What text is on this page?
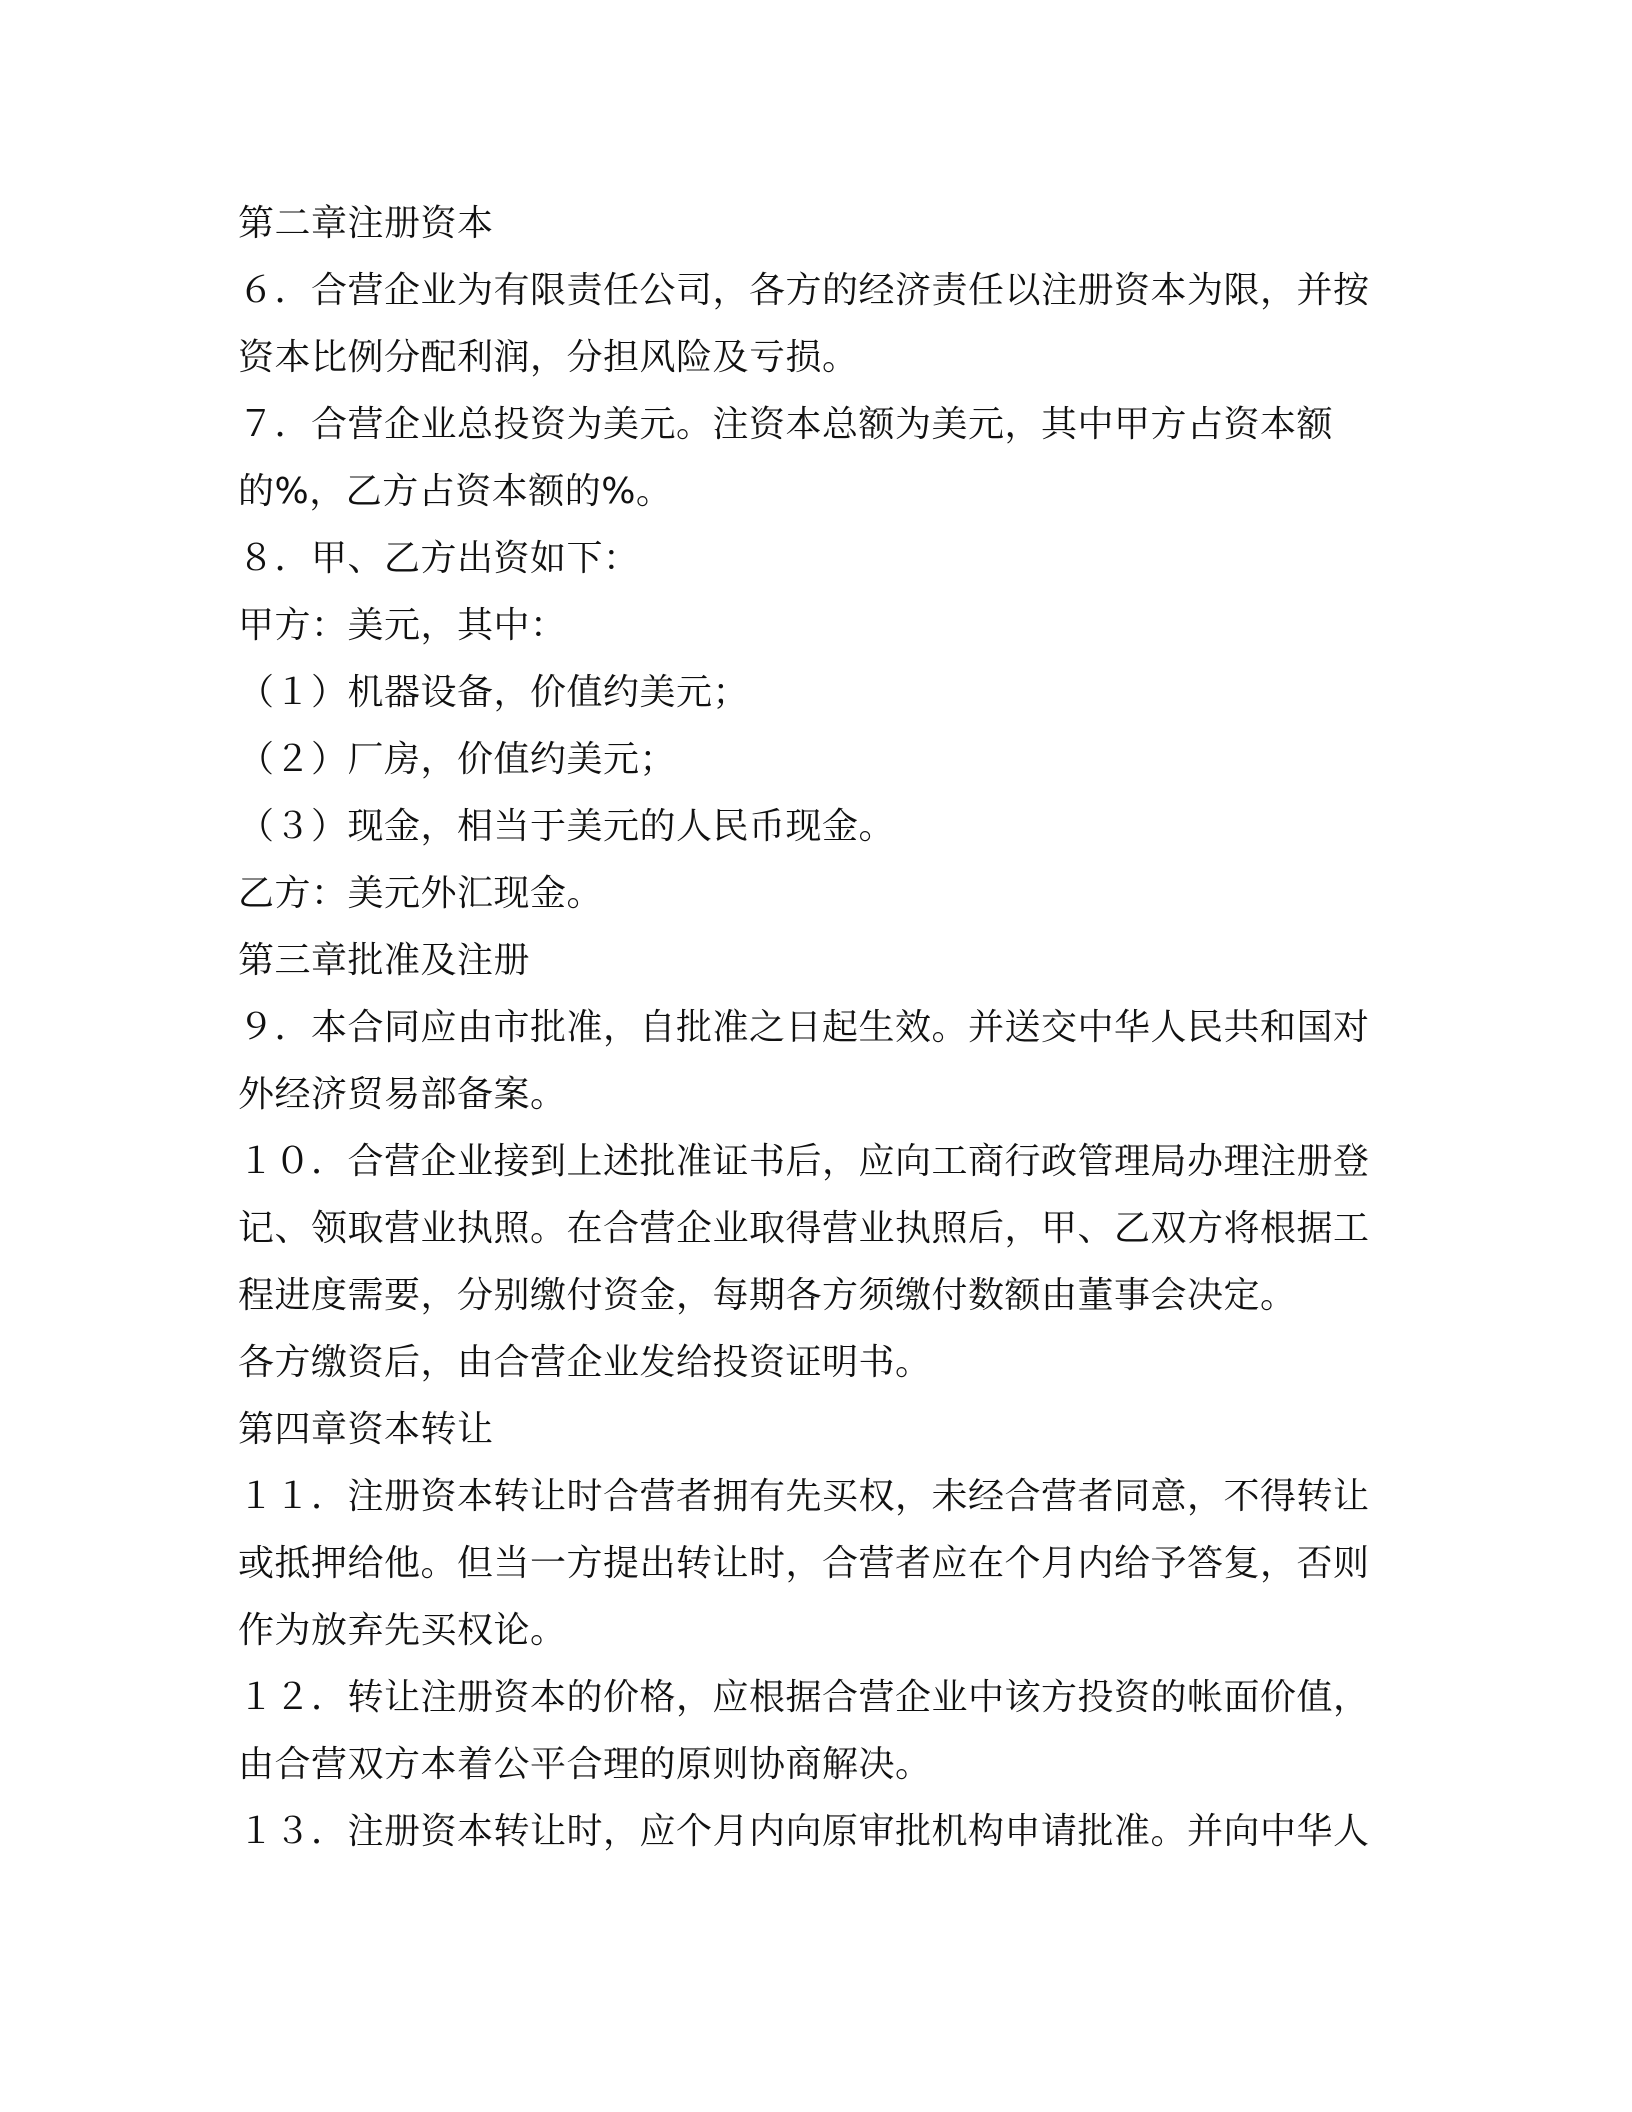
第二章注册资本
６．合营企业为有限责任公司，各方的经济责任以注册资本为限，并按
资本比例分配利润，分担风险及亏损。
７．合营企业总投资为美元。注资本总额为美元，其中甲方占资本额
的%，乙方占资本额的%。
８．甲、乙方出资如下：
甲方：美元，其中：
（１）机器设备，价值约美元；
（２）厂房，价值约美元；
（３）现金，相当于美元的人民币现金。
乙方：美元外汇现金。
第三章批准及注册
９．本合同应由市批准，自批准之日起生效。并送交中华人民共和国对
外经济贸易部备案。
１０．合营企业接到上述批准证书后，应向工商行政管理局办理注册登
记、领取营业执照。在合营企业取得营业执照后，甲、乙双方将根据工
程进度需要，分别缴付资金，每期各方须缴付数额由董事会决定。
各方缴资后，由合营企业发给投资证明书。
第四章资本转让
１１．注册资本转让时合营者拥有先买权，未经合营者同意，不得转让
或抵押给他。但当一方提出转让时，合营者应在个月内给予答复，否则
作为放弃先买权论。
１２．转让注册资本的价格，应根据合营企业中该方投资的帐面价值，
由合营双方本着公平合理的原则协商解决。
１３．注册资本转让时，应个月内向原审批机构申请批准。并向中华人
